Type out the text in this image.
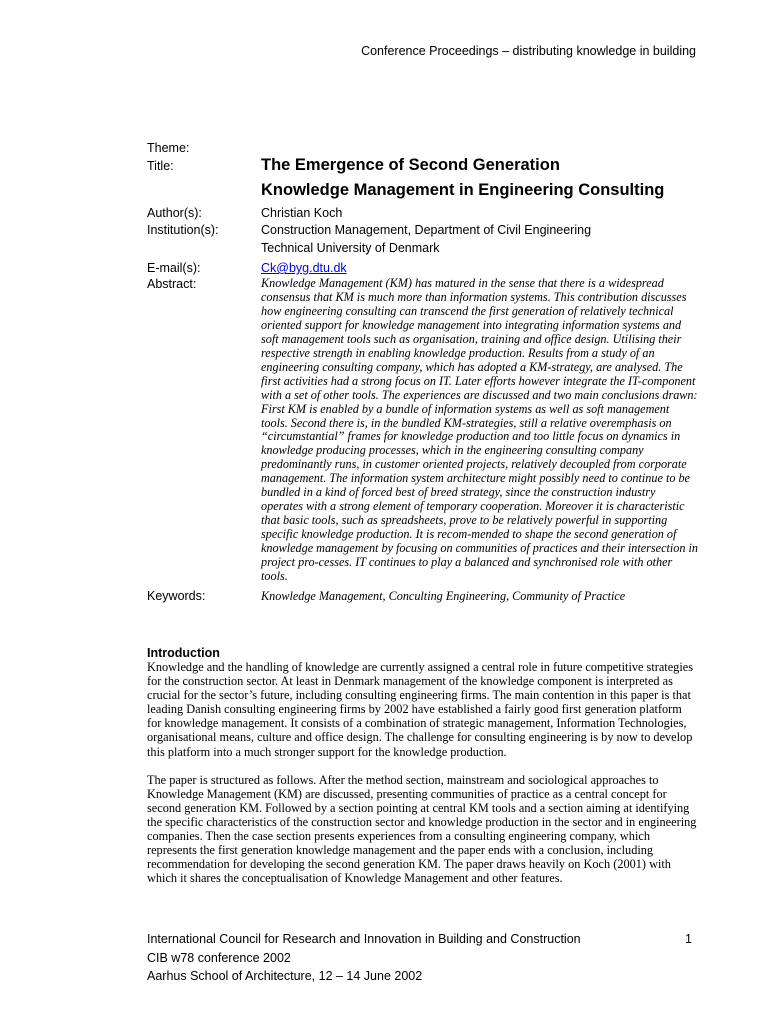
Conference Proceedings – distributing knowledge in building
Theme:
Title:	The Emergence of Second Generation
Knowledge Management in Engineering Consulting
Author(s):	Christian Koch
Institution(s):	Construction Management, Department of Civil Engineering
Technical University of Denmark
E-mail(s):	Ck@byg.dtu.dk
Abstract:	Knowledge Management (KM) has matured in the sense that there is a widespread consensus that KM is much more than information systems. This contribution discusses how engineering consulting can transcend the first generation of relatively technical oriented support for knowledge management into integrating information systems and soft management tools such as organisation, training and office design. Utilising their respective strength in enabling knowledge production. Results from a study of an engineering consulting company, which has adopted a KM-strategy, are analysed. The first activities had a strong focus on IT. Later efforts however integrate the IT-component with a set of other tools. The experiences are discussed and two main conclusions drawn: First KM is enabled by a bundle of information systems as well as soft management tools. Second there is, in the bundled KM-strategies, still a relative overemphasis on “circumstantial” frames for knowledge production and too little focus on dynamics in knowledge producing processes, which in the engineering consulting company predominantly runs, in customer oriented projects, relatively decoupled from corporate management. The information system architecture might possibly need to continue to be bundled in a kind of forced best of breed strategy, since the construction industry operates with a strong element of temporary cooperation. Moreover it is characteristic that basic tools, such as spreadsheets, prove to be relatively powerful in supporting specific knowledge production. It is recom-mended to shape the second generation of knowledge management by focusing on communities of practices and their intersection in project pro-cesses. IT continues to play a balanced and synchronised role with other tools.
Keywords:	Knowledge Management, Conculting Engineering, Community of Practice

Introduction

Knowledge and the handling of knowledge are currently assigned a central role in future competitive strategies for the construction sector. At least in Denmark management of the knowledge component is interpreted as crucial for the sector’s future, including consulting engineering firms. The main contention in this paper is that leading Danish consulting engineering firms by 2002 have established a fairly good first generation platform for knowledge management. It consists of a combination of strategic management, Information Technologies, organisational means, culture and office design. The challenge for consulting engineering is by now to develop this platform into a much stronger support for the knowledge production.

The paper is structured as follows. After the method section, mainstream and sociological approaches to Knowledge Management (KM) are discussed, presenting communities of practice as a central concept for second generation KM. Followed by a section pointing at central KM tools and a section aiming at identifying the specific characteristics of the construction sector and knowledge production in the sector and in engineering companies. Then the case section presents experiences from a consulting engineering company, which represents the first generation knowledge management and the paper ends with a conclusion, including recommendation for developing the second generation KM. The paper draws heavily on Koch (2001) with which it shares the conceptualisation of Knowledge Management and other features.

International Council for Research and Innovation in Building and Construction	1
CIB w78 conference 2002
Aarhus School of Architecture, 12 – 14 June 2002
